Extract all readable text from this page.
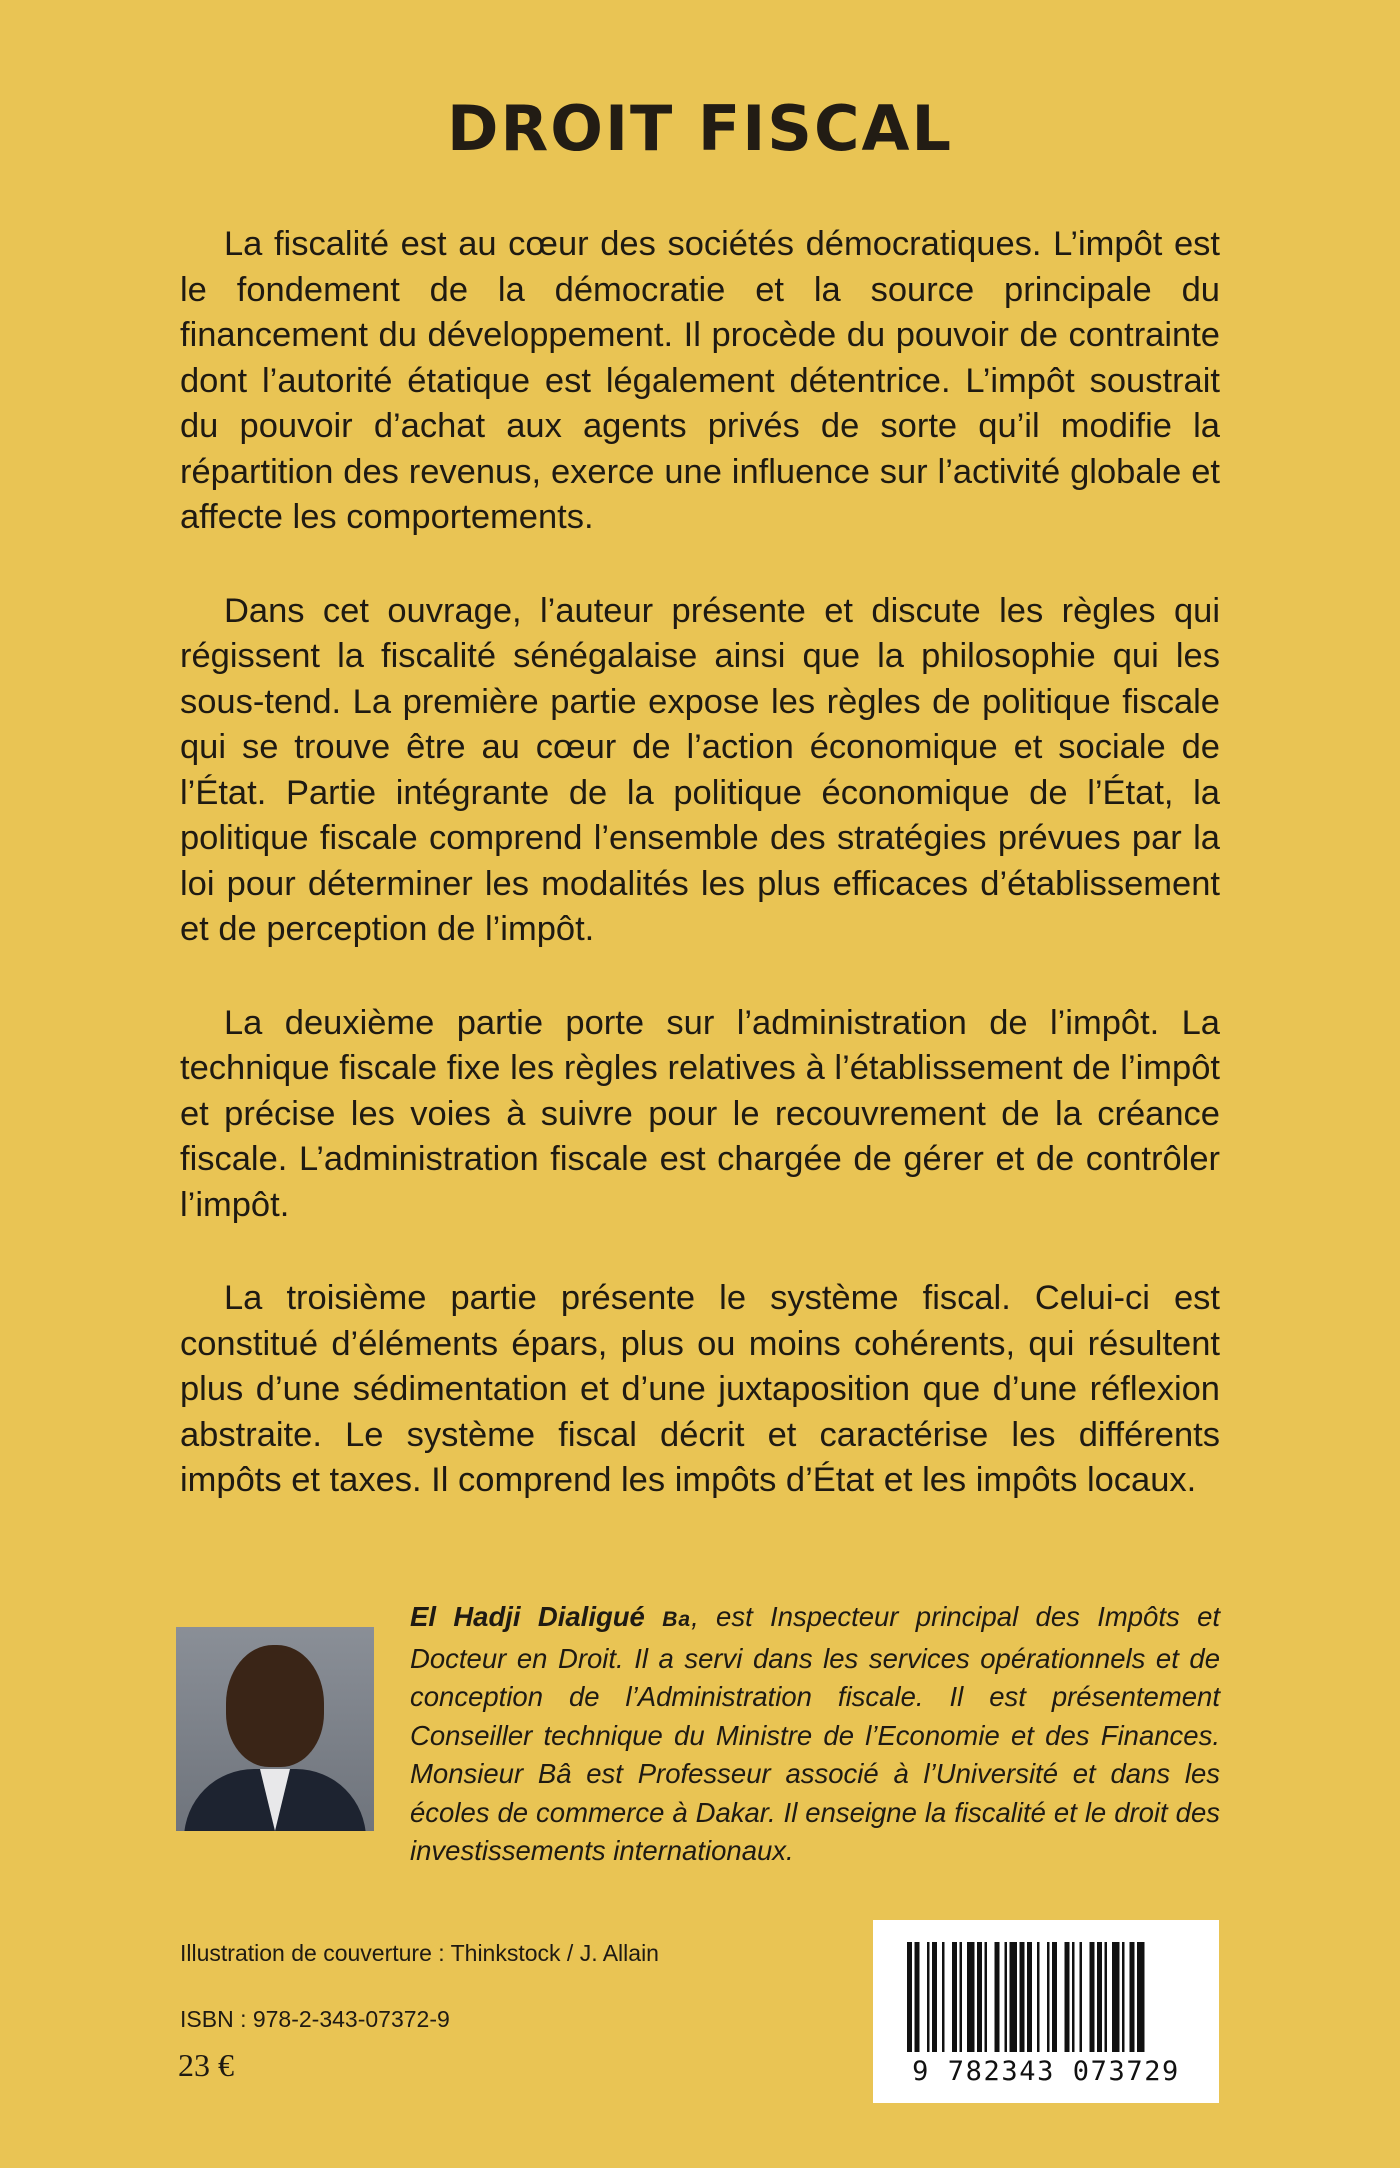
DROIT FISCAL

La fiscalité est au cœur des sociétés démocratiques. L’impôt est le fondement de la démocratie et la source principale du financement du développement. Il procède du pouvoir de contrainte dont l’autorité étatique est légalement détentrice. L’impôt soustrait du pouvoir d’achat aux agents privés de sorte qu’il modifie la répartition des revenus, exerce une influence sur l’activité globale et affecte les comportements.

Dans cet ouvrage, l’auteur présente et discute les règles qui régissent la fiscalité sénégalaise ainsi que la philosophie qui les sous-tend. La première partie expose les règles de politique fiscale qui se trouve être au cœur de l’action économique et sociale de l’État. Partie intégrante de la politique économique de l’État, la politique fiscale comprend l’ensemble des stratégies prévues par la loi pour déterminer les modalités les plus efficaces d’établissement et de perception de l’impôt.

La deuxième partie porte sur l’administration de l’impôt. La technique fiscale fixe les règles relatives à l’établissement de l’impôt et précise les voies à suivre pour le recouvrement de la créance fiscale. L’administration fiscale est chargée de gérer et de contrôler l’impôt.

La troisième partie présente le système fiscal. Celui-ci est constitué d’éléments épars, plus ou moins cohérents, qui résultent plus d’une sédimentation et d’une juxtaposition que d’une réflexion abstraite. Le système fiscal décrit et caractérise les différents impôts et taxes. Il comprend les impôts d’État et les impôts locaux.

El Hadji Dialigué Ba, est Inspecteur principal des Impôts et Docteur en Droit. Il a servi dans les services opérationnels et de conception de l’Administration fiscale. Il est présentement Conseiller technique du Ministre de l’Economie et des Finances. Monsieur Bâ est Professeur associé à l’Université et dans les écoles de commerce à Dakar. Il enseigne la fiscalité et le droit des investissements internationaux.

Illustration de couverture : Thinkstock / J. Allain

ISBN : 978-2-343-07372-9

23 €	9 782343 073729
